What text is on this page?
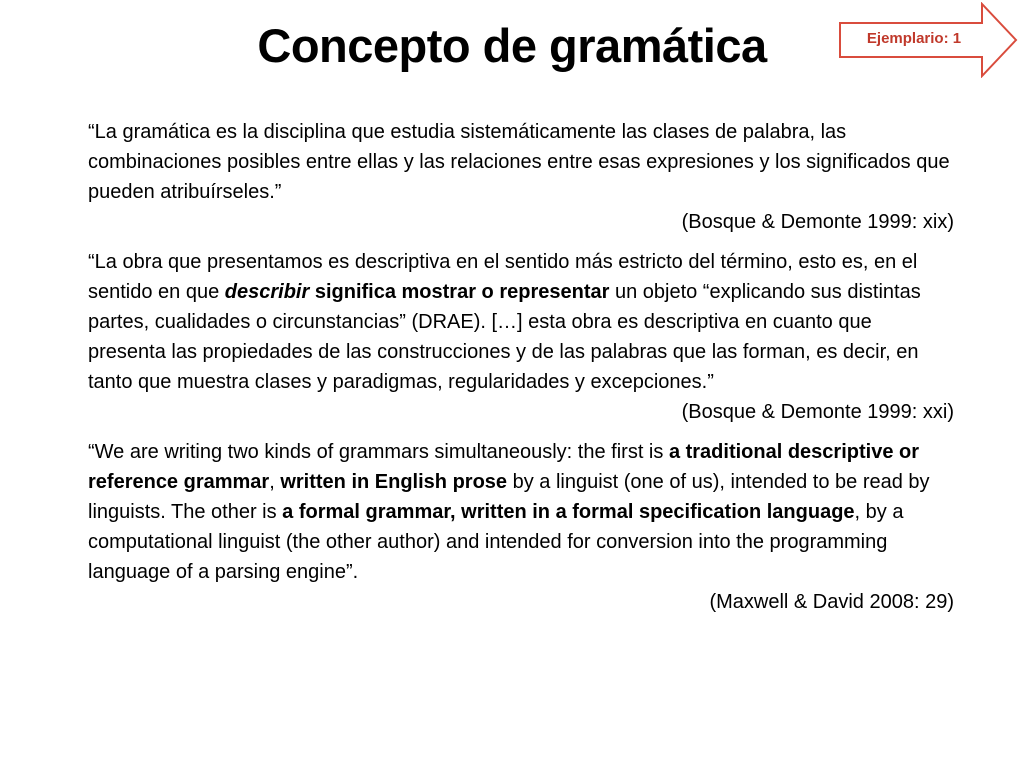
Concepto de gramática	Ejemplario: 1

“La gramática es la disciplina que estudia sistemáticamente las clases de palabra, las combinaciones posibles entre ellas y las relaciones entre esas expresiones y los significados que pueden atribuírseles.”

(Bosque & Demonte 1999: xix)

“La obra que presentamos es descriptiva en el sentido más estricto del término, esto es, en el sentido en que describir significa mostrar o representar un objeto “explicando sus distintas partes, cualidades o circunstancias” (DRAE). […] esta obra es descriptiva en cuanto que presenta las propiedades de las construcciones y de las palabras que las forman, es decir, en tanto que muestra clases y paradigmas, regularidades y excepciones.”

(Bosque & Demonte 1999: xxi)

“We are writing two kinds of grammars simultaneously: the first is a traditional descriptive or reference grammar, written in English prose by a linguist (one of us), intended to be read by linguists. The other is a formal grammar, written in a formal specification language, by a computational linguist (the other author) and intended for conversion into the programming language of a parsing engine”.

(Maxwell & David 2008: 29)
